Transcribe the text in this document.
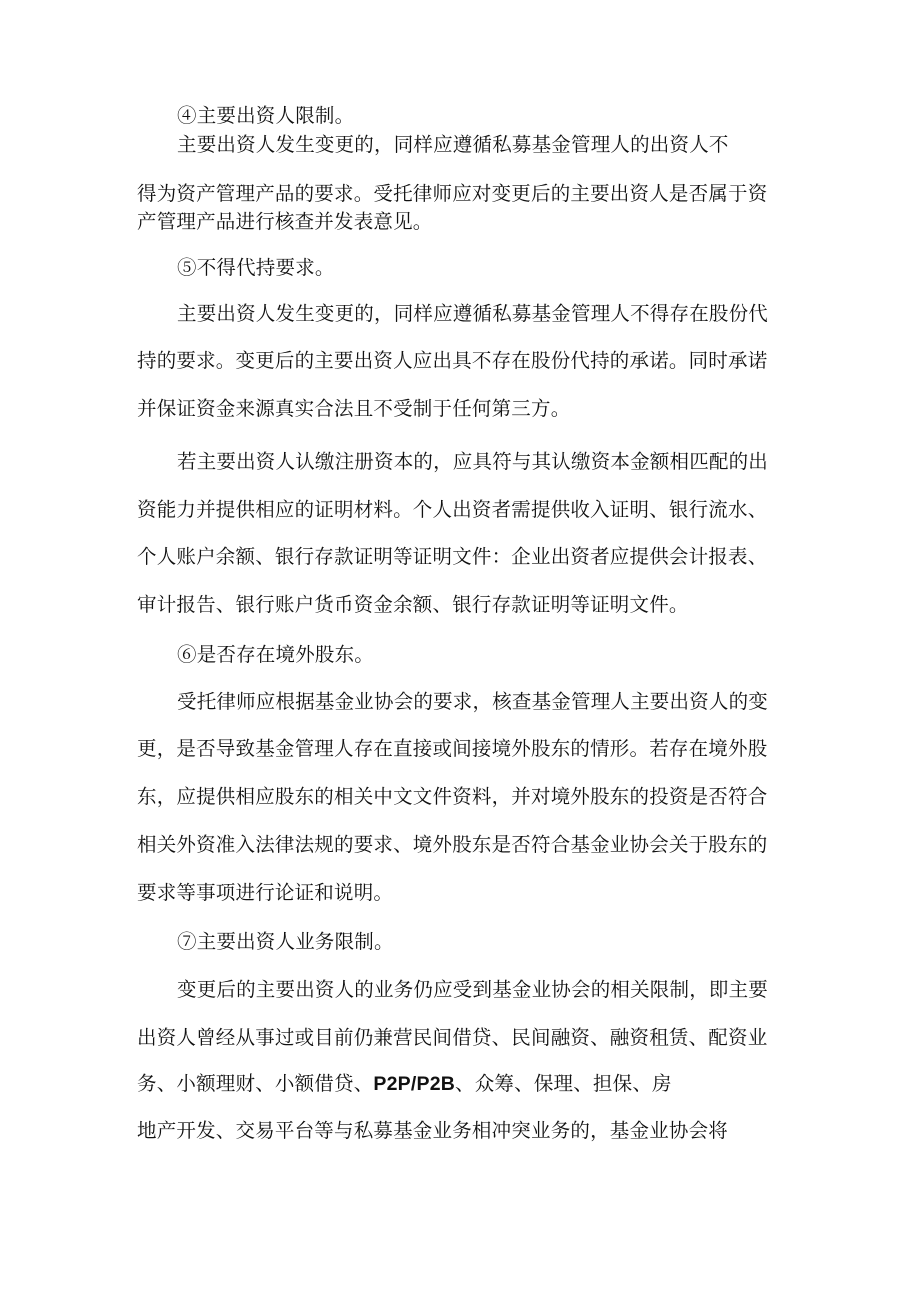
④主要出资人限制。
主要出资人发生变更的，同样应遵循私募基金管理人的出资人不
得为资产管理产品的要求。受托律师应对变更后的主要出资人是否属于资
产管理产品进行核查并发表意见。
⑤不得代持要求。
主要出资人发生变更的，同样应遵循私募基金管理人不得存在股份代
持的要求。变更后的主要出资人应出具不存在股份代持的承诺。同时承诺
并保证资金来源真实合法且不受制于任何第三方。
若主要出资人认缴注册资本的，应具符与其认缴资本金额相匹配的出
资能力并提供相应的证明材料。个人出资者需提供收入证明、银行流水、
个人账户余额、银行存款证明等证明文件：企业出资者应提供会计报表、
审计报告、银行账户货币资金余额、银行存款证明等证明文件。
⑥是否存在境外股东。
受托律师应根据基金业协会的要求，核查基金管理人主要出资人的变
更，是否导致基金管理人存在直接或间接境外股东的情形。若存在境外股
东，应提供相应股东的相关中文文件资料，并对境外股东的投资是否符合
相关外资准入法律法规的要求、境外股东是否符合基金业协会关于股东的
要求等事项进行论证和说明。
⑦主要出资人业务限制。
变更后的主要出资人的业务仍应受到基金业协会的相关限制，即主要
出资人曾经从事过或目前仍兼营民间借贷、民间融资、融资租赁、配资业
务、小额理财、小额借贷、P2P/P2B、众筹、保理、担保、房
地产开发、交易平台等与私募基金业务相冲突业务的，基金业协会将
